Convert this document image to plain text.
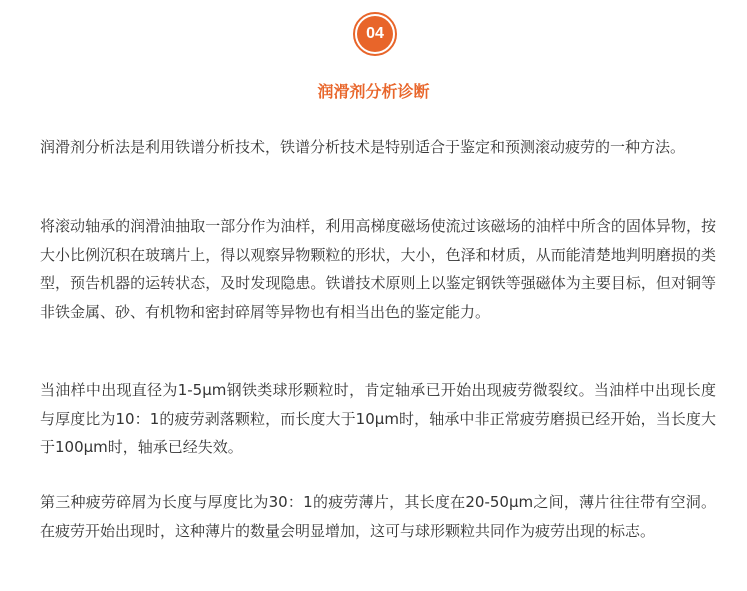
04
润滑剂分析诊断

润滑剂分析法是利用铁谱分析技术，铁谱分析技术是特别适合于鉴定和预测滚动疲劳的一种方法。

将滚动轴承的润滑油抽取一部分作为油样，利用高梯度磁场使流过该磁场的油样中所含的固体异物，按大小比例沉积在玻璃片上，得以观察异物颗粒的形状，大小，色泽和材质，从而能清楚地判明磨损的类型，预告机器的运转状态，及时发现隐患。铁谱技术原则上以鉴定钢铁等强磁体为主要目标，但对铜等非铁金属、砂、有机物和密封碎屑等异物也有相当出色的鉴定能力。

当油样中出现直径为1-5μm钢铁类球形颗粒时，肯定轴承已开始出现疲劳微裂纹。当油样中出现长度与厚度比为10：1的疲劳剥落颗粒，而长度大于10μm时，轴承中非正常疲劳磨损已经开始，当长度大于100μm时，轴承已经失效。

第三种疲劳碎屑为长度与厚度比为30：1的疲劳薄片，其长度在20-50μm之间，薄片往往带有空洞。在疲劳开始出现时，这种薄片的数量会明显增加，这可与球形颗粒共同作为疲劳出现的标志。
